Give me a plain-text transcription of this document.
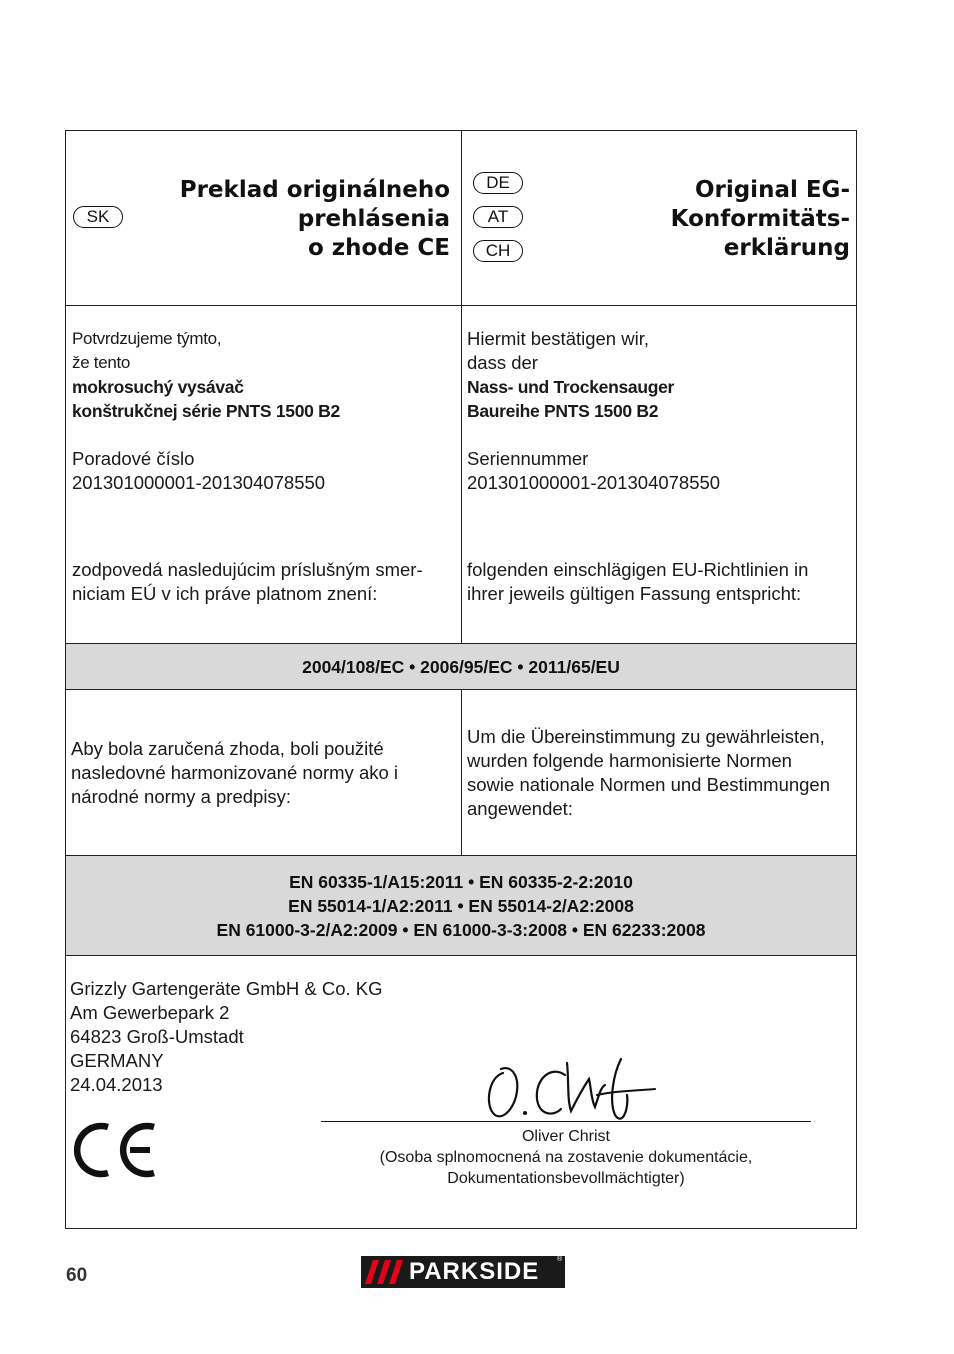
SK
Preklad originálneho
prehlásenia
o zhode CE
DE
AT
CH
Original EG-
Konformitäts-
erklärung
Potvrdzujeme týmto,
že tento
mokrosuchý vysávač
konštrukčnej série PNTS 1500 B2
Poradové číslo
201301000001-201304078550
zodpovedá nasledujúcim príslušným smer-
niciam EÚ v ich práve platnom znení:
Hiermit bestätigen wir,
dass der
Nass- und Trockensauger
Baureihe PNTS 1500 B2
Seriennummer
201301000001-201304078550
folgenden einschlägigen EU-Richtlinien in
ihrer jeweils gültigen Fassung entspricht:
2004/108/EC • 2006/95/EC • 2011/65/EU
Aby bola zaručená zhoda, boli použité
nasledovné harmonizované normy ako i
národné normy a predpisy:
Um die Übereinstimmung zu gewährleisten,
wurden folgende harmonisierte Normen
sowie nationale Normen und Bestimmungen
angewendet:
EN 60335-1/A15:2011 • EN 60335-2-2:2010
EN 55014-1/A2:2011 • EN 55014-2/A2:2008
EN 61000-3-2/A2:2009 • EN 61000-3-3:2008 • EN 62233:2008
Grizzly Gartengeräte GmbH & Co. KG
Am Gewerbepark 2
64823 Groß-Umstadt
GERMANY
24.04.2013
Oliver Christ
(Osoba splnomocnená na zostavenie dokumentácie,
Dokumentationsbevollmächtigter)
60	PARKSIDE	®
